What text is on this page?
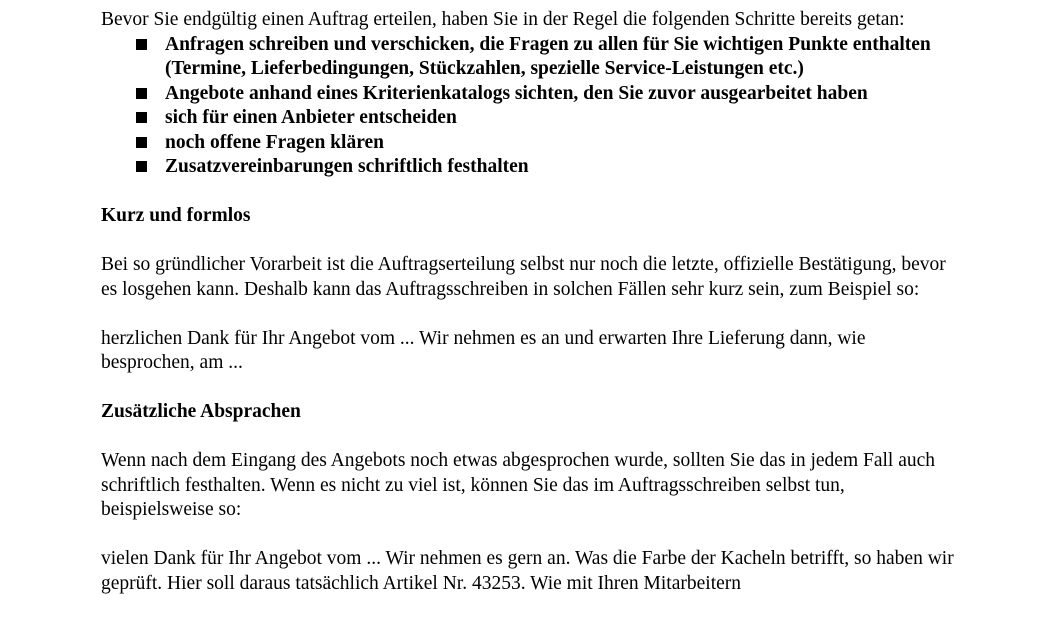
Bevor Sie endgültig einen Auftrag erteilen, haben Sie in der Regel die folgenden Schritte bereits getan:

Anfragen schreiben und verschicken, die Fragen zu allen für Sie wichtigen Punkte enthalten (Termine, Lieferbedingungen, Stückzahlen, spezielle Service-Leistungen etc.)
Angebote anhand eines Kriterienkatalogs sichten, den Sie zuvor ausgearbeitet haben
sich für einen Anbieter entscheiden
noch offene Fragen klären
Zusatzvereinbarungen schriftlich festhalten

Kurz und formlos

Bei so gründlicher Vorarbeit ist die Auftragserteilung selbst nur noch die letzte, offizielle Bestätigung, bevor es losgehen kann. Deshalb kann das Auftragsschreiben in solchen Fällen sehr kurz sein, zum Beispiel so:

herzlichen Dank für Ihr Angebot vom ... Wir nehmen es an und erwarten Ihre Lieferung dann, wie besprochen, am ...

Zusätzliche Absprachen

Wenn nach dem Eingang des Angebots noch etwas abgesprochen wurde, sollten Sie das in jedem Fall auch schriftlich festhalten. Wenn es nicht zu viel ist, können Sie das im Auftragsschreiben selbst tun, beispielsweise so:

vielen Dank für Ihr Angebot vom ... Wir nehmen es gern an. Was die Farbe der Kacheln betrifft, so haben wir geprüft. Hier soll daraus tatsächlich Artikel Nr. 43253. Wie mit Ihren Mitarbeitern
